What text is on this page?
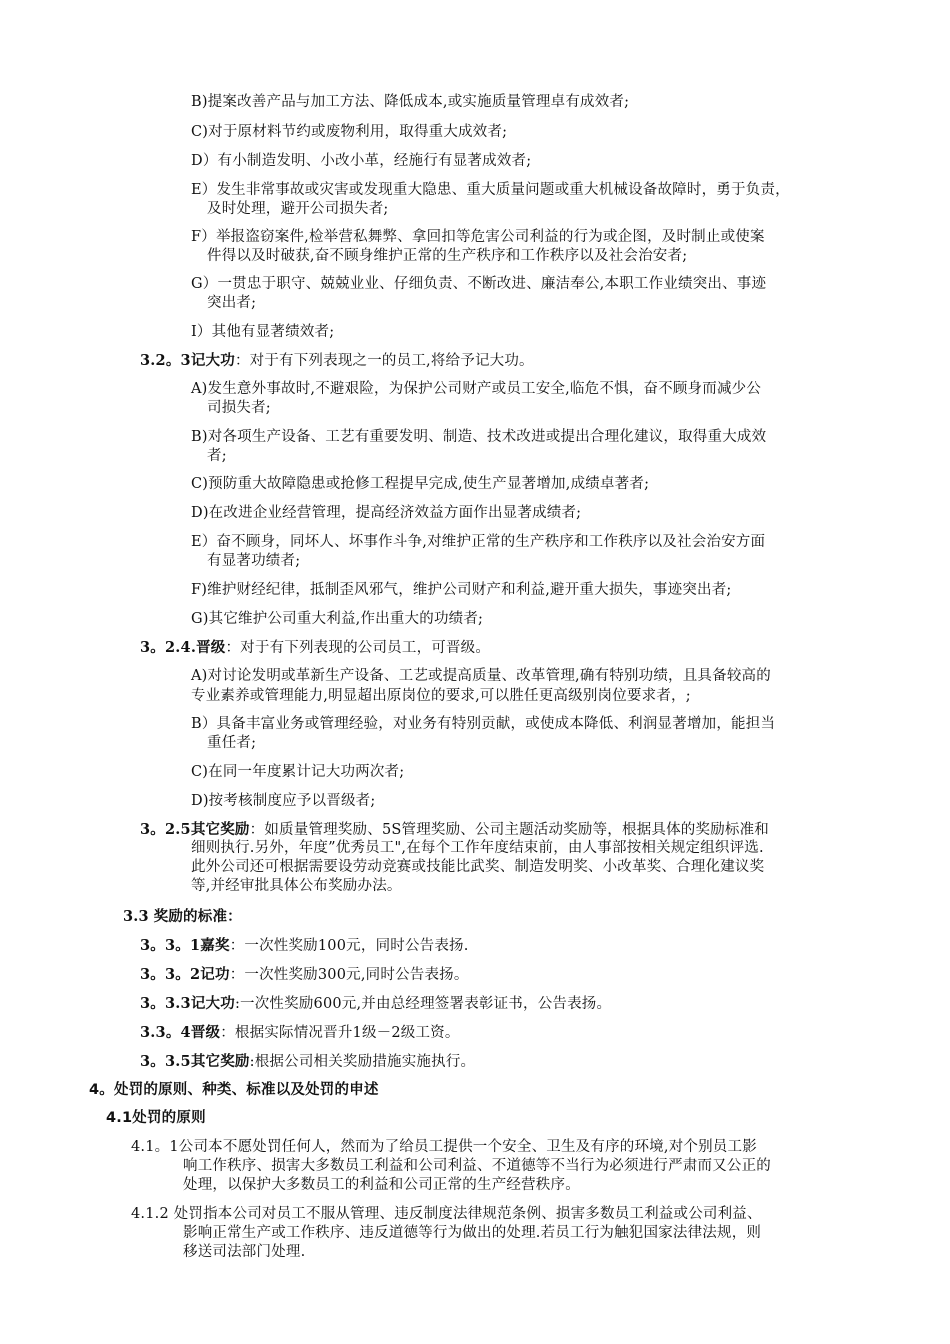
B)提案改善产品与加工方法、降低成本,或实施质量管理卓有成效者;
C)对于原材料节约或废物利用，取得重大成效者;
D）有小制造发明、小改小革，经施行有显著成效者;
E）发生非常事故或灾害或发现重大隐患、重大质量问题或重大机械设备故障时，勇于负责，
及时处理，避开公司损失者;
F）举报盗窃案件,检举营私舞弊、拿回扣等危害公司利益的行为或企图，及时制止或使案
件得以及时破获,奋不顾身维护正常的生产秩序和工作秩序以及社会治安者;
G）一贯忠于职守、兢兢业业、仔细负责、不断改进、廉洁奉公,本职工作业绩突出、事迹
突出者;
I）其他有显著绩效者;
3.2。3记大功：对于有下列表现之一的员工,将给予记大功。
A)发生意外事故时,不避艰险，为保护公司财产或员工安全,临危不惧，奋不顾身而减少公
司损失者;
B)对各项生产设备、工艺有重要发明、制造、技术改进或提出合理化建议，取得重大成效
者;
C)预防重大故障隐患或抢修工程提早完成,使生产显著增加,成绩卓著者;
D)在改进企业经营管理，提高经济效益方面作出显著成绩者;
E）奋不顾身，同坏人、坏事作斗争,对维护正常的生产秩序和工作秩序以及社会治安方面
有显著功绩者;
F)维护财经纪律，抵制歪风邪气，维护公司财产和利益,避开重大损失，事迹突出者;
G)其它维护公司重大利益,作出重大的功绩者;
3。2.4.晋级：对于有下列表现的公司员工，可晋级。
A)对讨论发明或革新生产设备、工艺或提高质量、改革管理,确有特别功绩，且具备较高的
专业素养或管理能力,明显超出原岗位的要求,可以胜任更高级别岗位要求者，;
B）具备丰富业务或管理经验，对业务有特别贡献，或使成本降低、利润显著增加，能担当
重任者;
C)在同一年度累计记大功两次者;
D)按考核制度应予以晋级者;
3。2.5其它奖励：如质量管理奖励、5S管理奖励、公司主题活动奖励等，根据具体的奖励标准和
细则执行.另外，年度”优秀员工",在每个工作年度结束前，由人事部按相关规定组织评选.
此外公司还可根据需要设劳动竞赛或技能比武奖、制造发明奖、小改革奖、合理化建议奖
等,并经审批具体公布奖励办法。
3.3 奖励的标准：
3。3。1嘉奖：一次性奖励100元，同时公告表扬.
3。3。2记功：一次性奖励300元,同时公告表扬。
3。3.3记大功:一次性奖励600元,并由总经理签署表彰证书，公告表扬。
3.3。4晋级：根据实际情况晋升1级－2级工资。
3。3.5其它奖励:根据公司相关奖励措施实施执行。
4。处罚的原则、种类、标准以及处罚的申述
4.1处罚的原则
4.1。1公司本不愿处罚任何人，然而为了给员工提供一个安全、卫生及有序的环境,对个别员工影
响工作秩序、损害大多数员工利益和公司利益、不道德等不当行为必须进行严肃而又公正的
处理，以保护大多数员工的利益和公司正常的生产经营秩序。
4.1.2 处罚指本公司对员工不服从管理、违反制度法律规范条例、损害多数员工利益或公司利益、
影响正常生产或工作秩序、违反道德等行为做出的处理.若员工行为触犯国家法律法规，则
移送司法部门处理.
